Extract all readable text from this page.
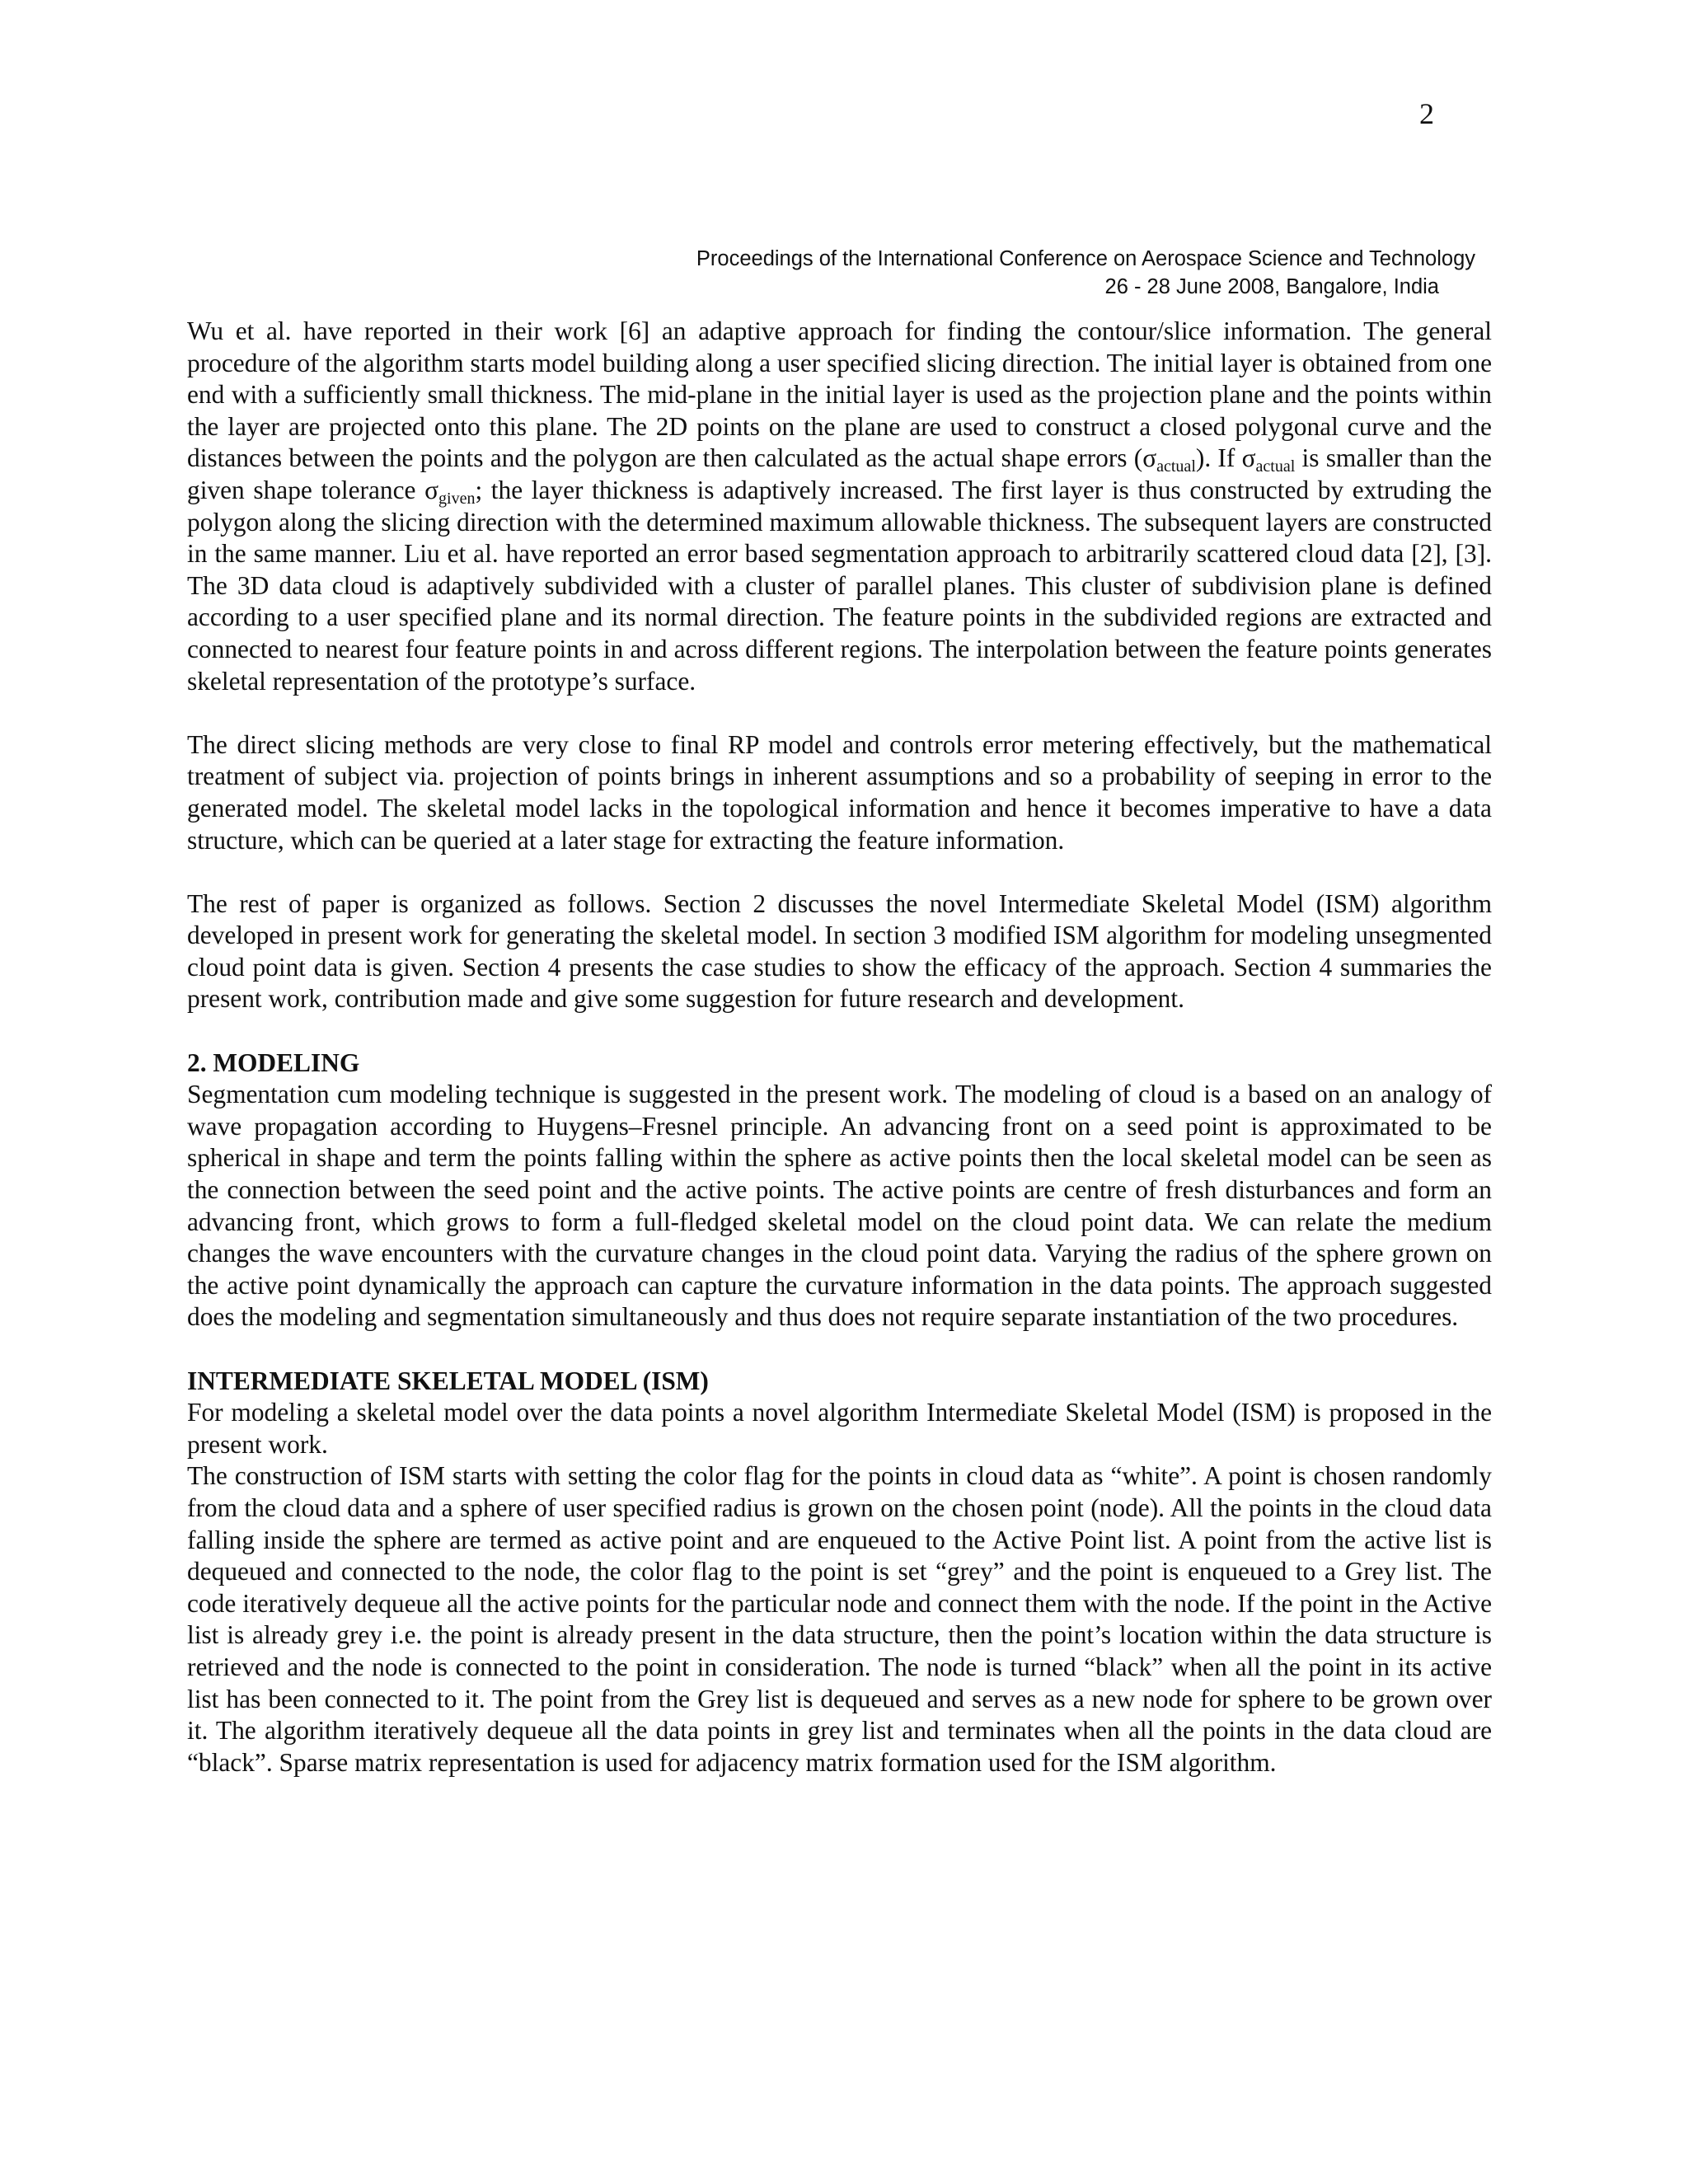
2
Proceedings of the International Conference on Aerospace Science and Technology
26 - 28 June 2008, Bangalore, India

Wu et al. have reported in their work [6] an adaptive approach for finding the contour/slice information. The general procedure of the algorithm starts model building along a user specified slicing direction. The initial layer is obtained from one end with a sufficiently small thickness. The mid-plane in the initial layer is used as the projection plane and the points within the layer are projected onto this plane. The 2D points on the plane are used to construct a closed polygonal curve and the distances between the points and the polygon are then calculated as the actual shape errors $(\sigma_{actual})$. If $\sigma_{actual}$ is smaller than the given shape tolerance $\sigma_{given}$; the layer thickness is adaptively increased. The first layer is thus constructed by extruding the polygon along the slicing direction with the determined maximum allowable thickness. The subsequent layers are constructed in the same manner. Liu et al. have reported an error based segmentation approach to arbitrarily scattered cloud data [2], [3]. The 3D data cloud is adaptively subdivided with a cluster of parallel planes. This cluster of subdivision plane is defined according to a user specified plane and its normal direction. The feature points in the subdivided regions are extracted and connected to nearest four feature points in and across different regions. The interpolation between the feature points generates skeletal representation of the prototype’s surface.

The direct slicing methods are very close to final RP model and controls error metering effectively, but the mathematical treatment of subject via. projection of points brings in inherent assumptions and so a probability of seeping in error to the generated model. The skeletal model lacks in the topological information and hence it becomes imperative to have a data structure, which can be queried at a later stage for extracting the feature information.

The rest of paper is organized as follows. Section 2 discusses the novel Intermediate Skeletal Model (ISM) algorithm developed in present work for generating the skeletal model. In section 3 modified ISM algorithm for modeling unsegmented cloud point data is given. Section 4 presents the case studies to show the efficacy of the approach. Section 4 summaries the present work, contribution made and give some suggestion for future research and development.

2. MODELING

Segmentation cum modeling technique is suggested in the present work. The modeling of cloud is a based on an analogy of wave propagation according to Huygens–Fresnel principle. An advancing front on a seed point is approximated to be spherical in shape and term the points falling within the sphere as active points then the local skeletal model can be seen as the connection between the seed point and the active points. The active points are centre of fresh disturbances and form an advancing front, which grows to form a full-fledged skeletal model on the cloud point data. We can relate the medium changes the wave encounters with the curvature changes in the cloud point data. Varying the radius of the sphere grown on the active point dynamically the approach can capture the curvature information in the data points. The approach suggested does the modeling and segmentation simultaneously and thus does not require separate instantiation of the two procedures.

INTERMEDIATE SKELETAL MODEL (ISM)

For modeling a skeletal model over the data points a novel algorithm Intermediate Skeletal Model (ISM) is proposed in the present work.

The construction of ISM starts with setting the color flag for the points in cloud data as “white”. A point is chosen randomly from the cloud data and a sphere of user specified radius is grown on the chosen point (node). All the points in the cloud data falling inside the sphere are termed as active point and are enqueued to the Active Point list. A point from the active list is dequeued and connected to the node, the color flag to the point is set “grey” and the point is enqueued to a Grey list. The code iteratively dequeue all the active points for the particular node and connect them with the node. If the point in the Active list is already grey i.e. the point is already present in the data structure, then the point’s location within the data structure is retrieved and the node is connected to the point in consideration. The node is turned “black” when all the point in its active list has been connected to it. The point from the Grey list is dequeued and serves as a new node for sphere to be grown over it. The algorithm iteratively dequeue all the data points in grey list and terminates when all the points in the data cloud are “black”. Sparse matrix representation is used for adjacency matrix formation used for the ISM algorithm.
